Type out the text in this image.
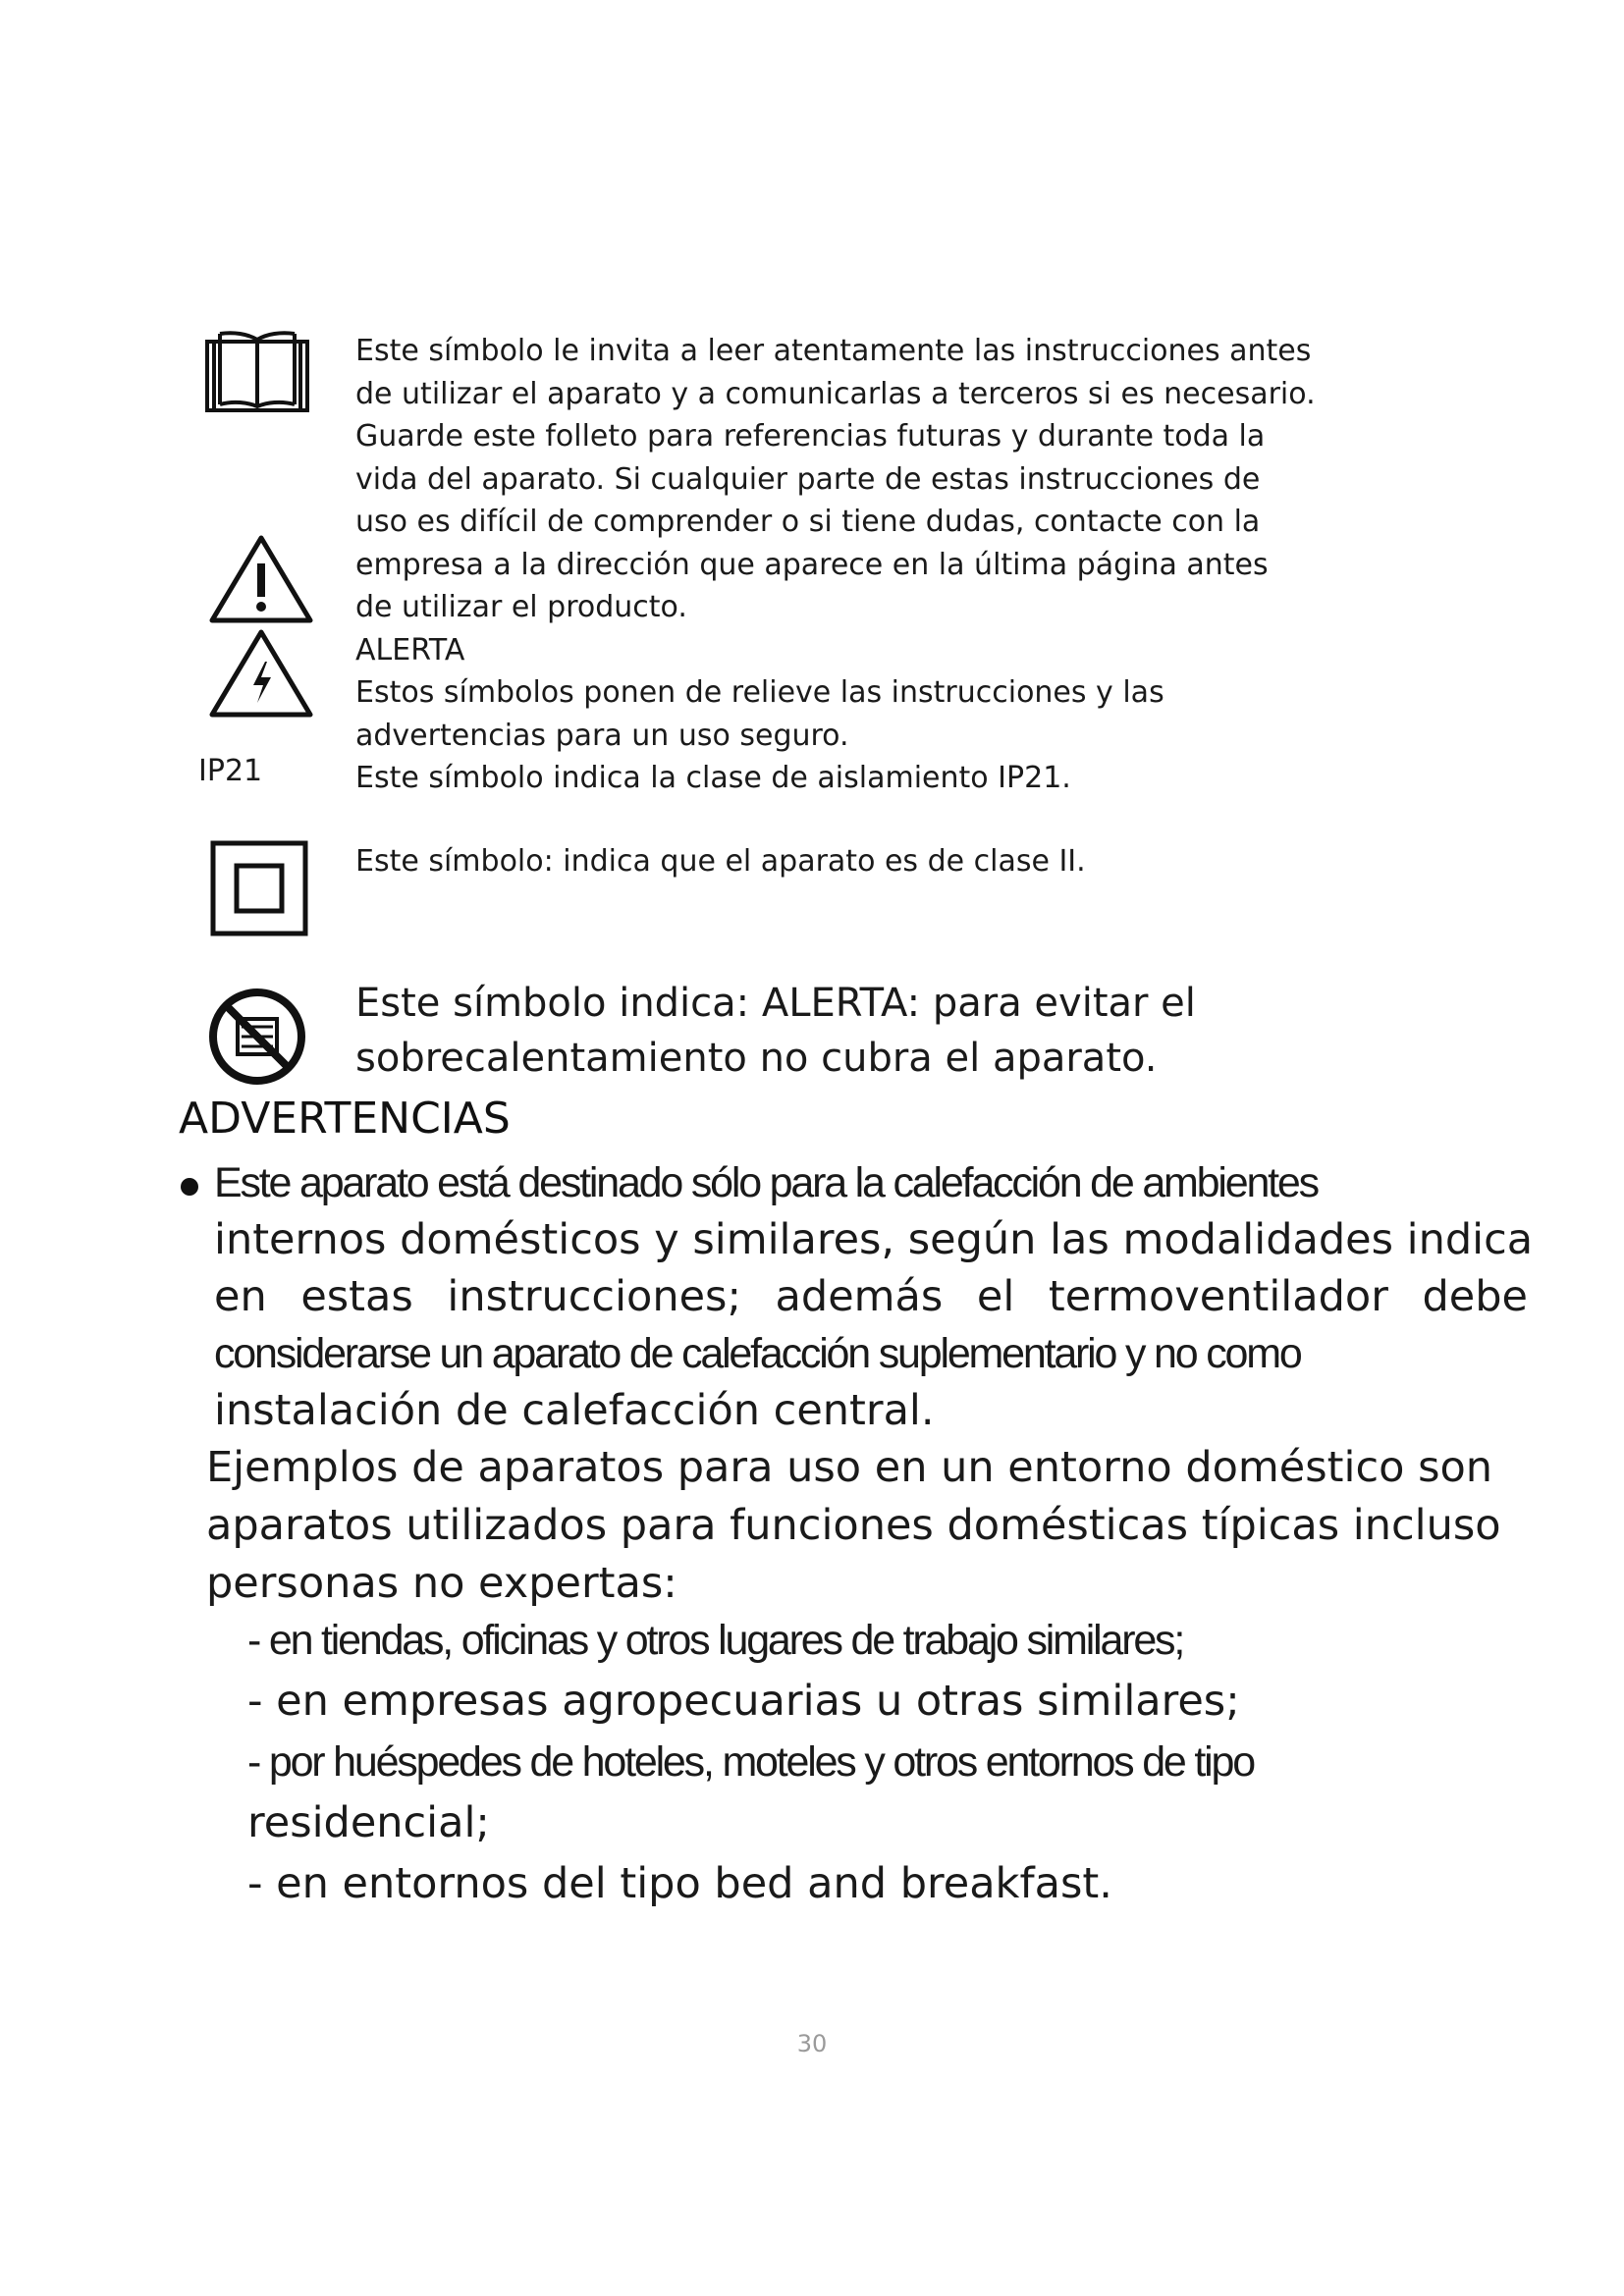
Este símbolo le invita a leer atentamente las instrucciones antes
de utilizar el aparato y a comunicarlas a terceros si es necesario.
Guarde este folleto para referencias futuras y durante toda la
vida del aparato. Si cualquier parte de estas instrucciones de
uso es difícil de comprender o si tiene dudas, contacte con la
empresa a la dirección que aparece en la última página antes
de utilizar el producto.
ALERTA
Estos símbolos ponen de relieve las instrucciones y las
advertencias para un uso seguro.
Este símbolo indica la clase de aislamiento IP21.
IP21
Este símbolo: indica que el aparato es de clase II.
Este símbolo indica: ALERTA: para evitar el
sobrecalentamiento no cubra el aparato.
ADVERTENCIAS
Este aparato está destinado sólo para la calefacción de ambientes
internos domésticos y similares, según las modalidades indica
en estas instrucciones; además el termoventilador debe
considerarse un aparato de calefacción suplementario y no como
instalación de calefacción central.
Ejemplos de aparatos para uso en un entorno doméstico son
aparatos utilizados para funciones domésticas típicas incluso
personas no expertas:
- en tiendas, oficinas y otros lugares de trabajo similares;
- en empresas agropecuarias u otras similares;
- por huéspedes de hoteles, moteles y otros entornos de tipo
residencial;
- en entornos del tipo bed and breakfast.
30
